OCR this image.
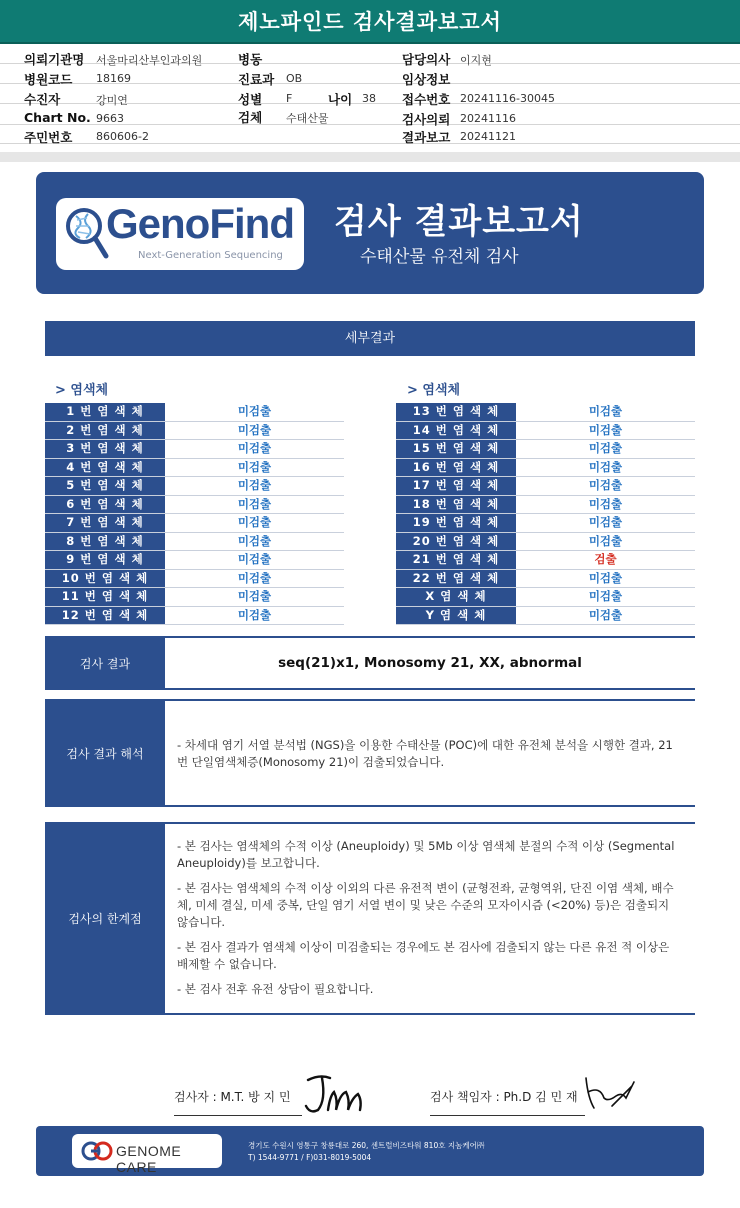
제노파인드 검사결과보고서
의뢰기관명 서울마리산부인과의원
병원코드 18169
수진자	강미연
Chart No. 9663
주민번호 860606-2
병동
진료과 OB
성별 F	나이 38
검체 수태산물
담당의사 이지현
임상정보
접수번호 20241116-30045
검사의뢰 20241116
결과보고 20241121
GenoFind
Next-Generation Sequencing
검사 결과보고서
수태산물 유전체 검사
세부결과
> 염색체	> 염색체
1 번 염 색 체	미검출
2 번 염 색 체	미검출
3 번 염 색 체	미검출
4 번 염 색 체	미검출
5 번 염 색 체	미검출
6 번 염 색 체	미검출
7 번 염 색 체	미검출
8 번 염 색 체	미검출
9 번 염 색 체	미검출
10 번 염 색 체	미검출
11 번 염 색 체	미검출
12 번 염 색 체	미검출
13 번 염 색 체	미검출
14 번 염 색 체	미검출
15 번 염 색 체	미검출
16 번 염 색 체	미검출
17 번 염 색 체	미검출
18 번 염 색 체	미검출
19 번 염 색 체	미검출
20 번 염 색 체	미검출
21 번 염 색 체	검출
22 번 염 색 체	미검출
X 염 색 체	미검출
Y 염 색 체	미검출
검사 결과	seq(21)x1, Monosomy 21, XX, abnormal
검사 결과 해석

- 차세대 염기 서열 분석법 (NGS)을 이용한 수태산물 (POC)에 대한 유전체 분석을 시행한 결과, 21번 단일염색체증(Monosomy 21)이 검출되었습니다.

검사의 한계점

- 본 검사는 염색체의 수적 이상 (Aneuploidy) 및 5Mb 이상 염색체 분절의 수적 이상 (Segmental Aneuploidy)를 보고합니다.

- 본 검사는 염색체의 수적 이상 이외의 다른 유전적 변이 (균형전좌, 균형역위, 단진 이염 색체, 배수체, 미세 결실, 미세 중복, 단일 염기 서열 변이 및 낮은 수준의 모자이시즘 (<20%) 등)은 검출되지 않습니다.

- 본 검사 결과가 염색체 이상이 미검출되는 경우에도 본 검사에 검출되지 않는 다른 유전 적 이상은 배제할 수 없습니다.

- 본 검사 전후 유전 상담이 필요합니다.

검사자 : M.T. 방 지 민	검사 책임자 : Ph.D 김 민 재
GENOME CARE
경기도 수원시 영통구 창룡대로 260, 센트럴비즈타워 810호 지놈케어㈜
T) 1544-9771 / F)031-8019-5004
